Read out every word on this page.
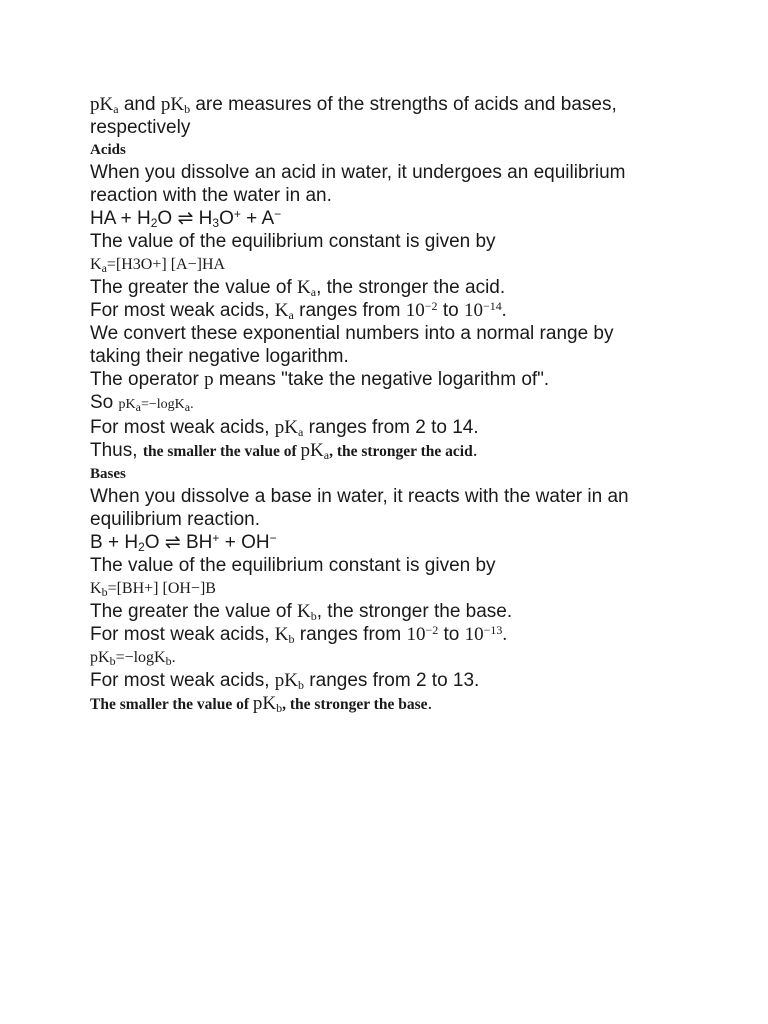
$pK_a$ and $pK_b$ are measures of the strengths of acids and bases,

respectively

Acids

When you dissolve an acid in water, it undergoes an equilibrium

reaction with the water in an.

HA + $H_2O$ ⇌ $H_3O^+ + A^-$

The value of the equilibrium constant is given by

$K_a=[H3O+]$ [A−]HA

The greater the value of $K_a$, the stronger the acid.

For most weak acids, $K_a$ ranges from $10^{-2}$ to $10^{-14}$.

We convert these exponential numbers into a normal range by

taking their negative logarithm.

The operator p means "take the negative logarithm of".

So $pK_a=-\log K_a$.

For most weak acids, $pK_a$ ranges from 2 to 14.

Thus, the smaller the value of $pK_a$, the stronger the acid.

Bases

When you dissolve a base in water, it reacts with the water in an

equilibrium reaction.

$B + H_2O$ ⇌ BH+ + OH−

The value of the equilibrium constant is given by

$K_b=[BH+]$ [OH−]B

The greater the value of $K_b$, the stronger the base.

For most weak acids, $K_b$ ranges from $10^{-2}$ to $10^{-13}$.

$pK_b=-\log K_b$.

For most weak acids, $pK_b$ ranges from 2 to 13.

The smaller the value of $pK_b$, the stronger the base.
